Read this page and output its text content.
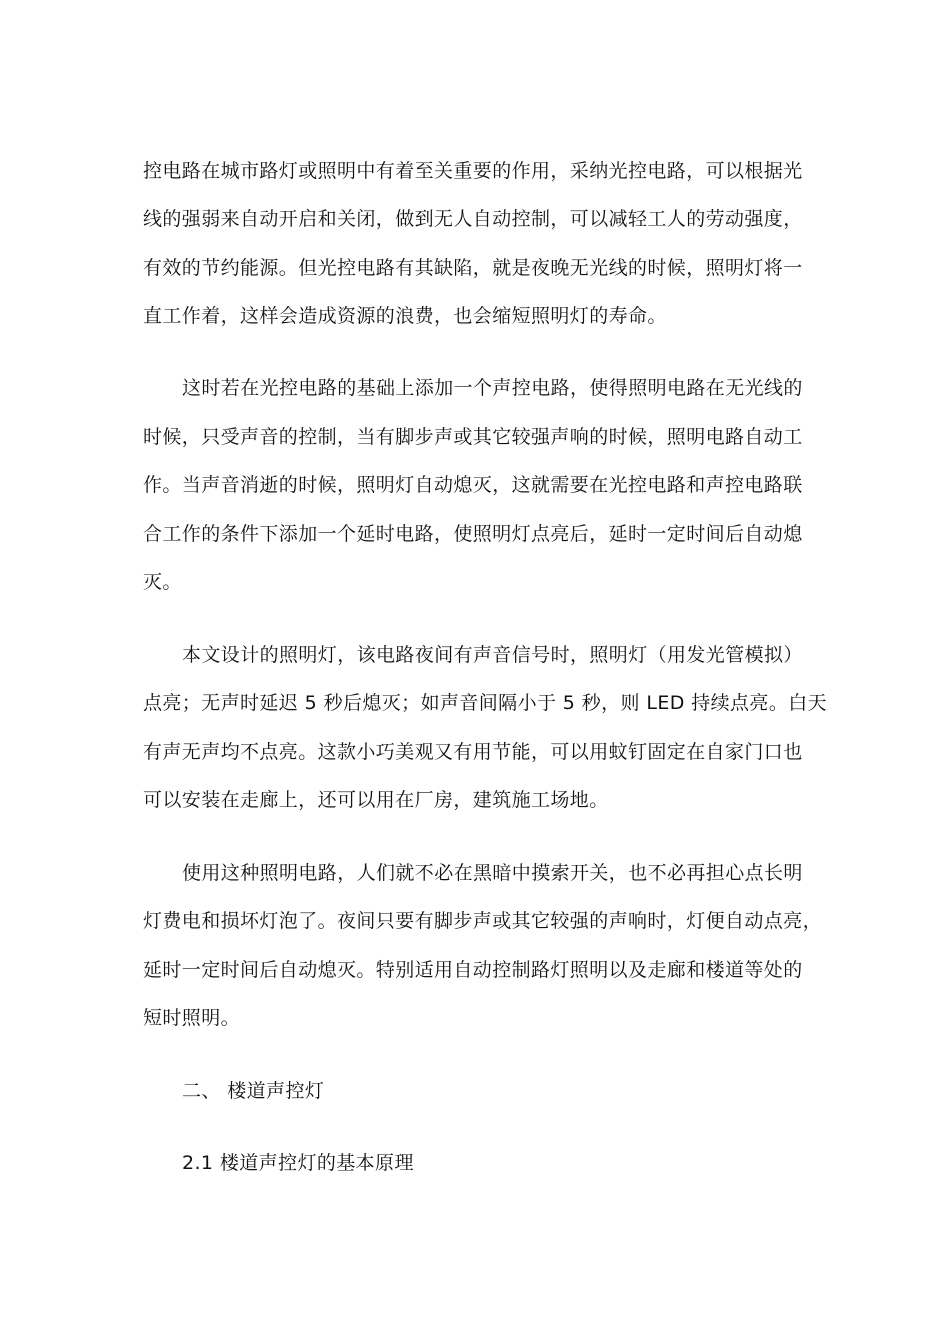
控电路在城市路灯或照明中有着至关重要的作用，采纳光控电路，可以根据光
线的强弱来自动开启和关闭，做到无人自动控制，可以减轻工人的劳动强度，
有效的节约能源。但光控电路有其缺陷，就是夜晚无光线的时候，照明灯将一
直工作着，这样会造成资源的浪费，也会缩短照明灯的寿命。
这时若在光控电路的基础上添加一个声控电路，使得照明电路在无光线的
时候，只受声音的控制，当有脚步声或其它较强声响的时候，照明电路自动工
作。当声音消逝的时候，照明灯自动熄灭，这就需要在光控电路和声控电路联
合工作的条件下添加一个延时电路，使照明灯点亮后，延时一定时间后自动熄
灭。
本文设计的照明灯，该电路夜间有声音信号时，照明灯（用发光管模拟）
点亮；无声时延迟 5 秒后熄灭；如声音间隔小于 5 秒，则 LED 持续点亮。白天
有声无声均不点亮。这款小巧美观又有用节能，可以用蚊钉固定在自家门口也
可以安装在走廊上，还可以用在厂房，建筑施工场地。
使用这种照明电路，人们就不必在黑暗中摸索开关，也不必再担心点长明
灯费电和损坏灯泡了。夜间只要有脚步声或其它较强的声响时，灯便自动点亮，
延时一定时间后自动熄灭。特别适用自动控制路灯照明以及走廊和楼道等处的
短时照明。
二、 楼道声控灯
2.1 楼道声控灯的基本原理
